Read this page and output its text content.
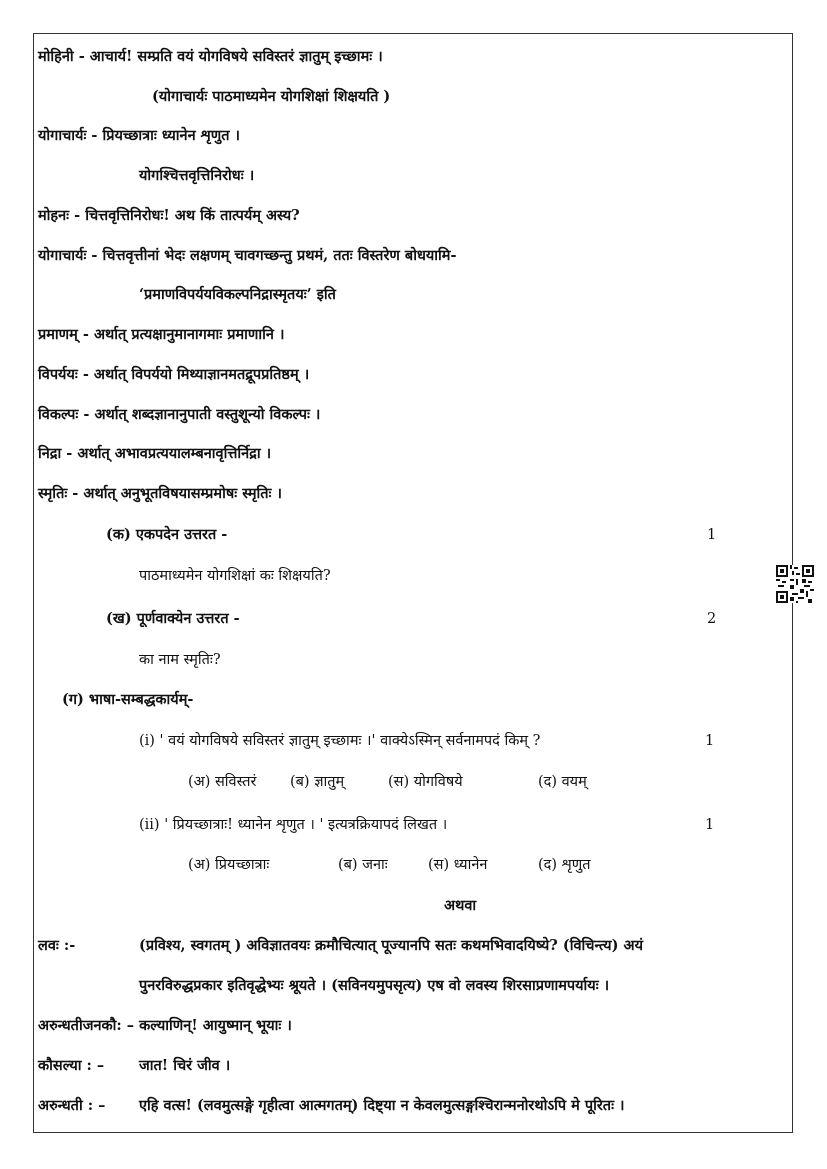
मोहिनी - आचार्य! सम्प्रति वयं योगविषये सविस्तरं ज्ञातुम् इच्छामः ।
(योगाचार्यः पाठमाध्यमेन योगशिक्षां शिक्षयति )
योगाचार्यः - प्रियच्छात्राः ध्यानेन शृणुत ।
योगश्चित्तवृत्तिनिरोधः ।
मोहनः - चित्तवृत्तिनिरोधः! अथ किं तात्पर्यम् अस्य?
योगाचार्यः - चित्तवृत्तीनां भेदः लक्षणम् चावगच्छन्तु प्रथमं, ततः विस्तरेण बोधयामि-
‘प्रमाणविपर्ययविकल्पनिद्रास्मृतयः’ इति
प्रमाणम् - अर्थात् प्रत्यक्षानुमानागमाः प्रमाणानि ।
विपर्ययः - अर्थात् विपर्ययो मिथ्याज्ञानमतद्रूपप्रतिष्ठम् ।
विकल्पः - अर्थात् शब्दज्ञानानुपाती वस्तुशून्यो विकल्पः ।
निद्रा - अर्थात् अभावप्रत्ययालम्बनावृत्तिर्निद्रा ।
स्मृतिः - अर्थात् अनुभूतविषयासम्प्रमोषः स्मृतिः ।
(क) एकपदेन उत्तरत -	1
पाठमाध्यमेन योगशिक्षां कः शिक्षयति?
(ख) पूर्णवाक्येन उत्तरत -	2
का नाम स्मृतिः?
(ग) भाषा-सम्बद्धकार्यम्-
(i) ' वयं योगविषये सविस्तरं ज्ञातुम् इच्छामः ।' वाक्येऽस्मिन् सर्वनामपदं किम् ?	1
(अ) सविस्तरं (ब) ज्ञातुम्	(स) योगविषये	(द) वयम्
(ii) ' प्रियच्छात्राः! ध्यानेन शृणुत । ' इत्यत्रक्रियापदं लिखत ।	1
(अ) प्रियच्छात्राः	(ब) जनाः	(स) ध्यानेन	(द) शृणुत
अथवा
लवः :-	(प्रविश्य, स्वगतम् ) अविज्ञातवयः क्रमौचित्यात् पूज्यानपि सतः कथमभिवादयिष्ये? (विचिन्त्य) अयं
पुनरविरुद्धप्रकार इतिवृद्धेभ्यः श्रूयते । (सविनयमुपसृत्य) एष वो लवस्य शिरसाप्रणामपर्यायः ।
अरुन्धतीजनकौ: – कल्याणिन्! आयुष्मान् भूयाः ।
कौसल्या : – जात! चिरं जीव ।
अरुन्धती : – एहि वत्स! (लवमुत्सङ्गे गृहीत्वा आत्मगतम्) दिष्ट्या न केवलमुत्सङ्गश्चिरान्मनोरथोऽपि मे पूरितः ।
